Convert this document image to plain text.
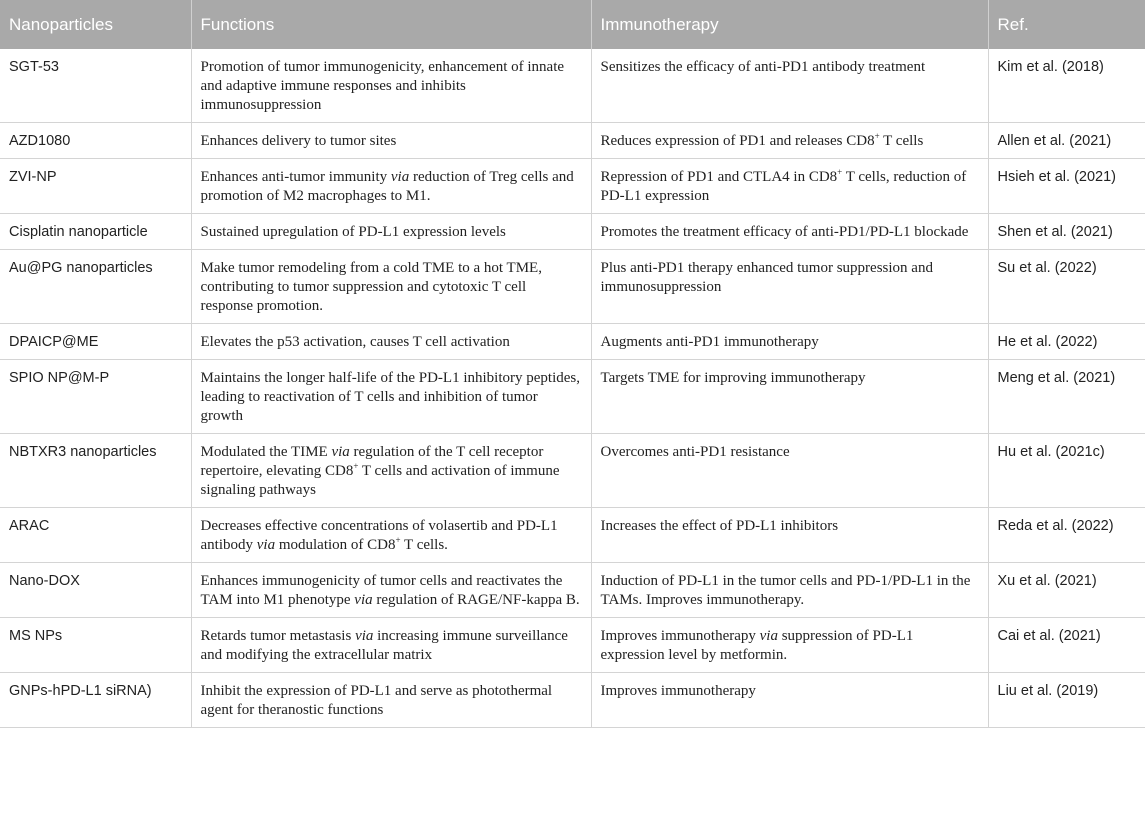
Nanoparticles	Functions	Immunotherapy	Ref.
SGT-53	Promotion of tumor immunogenicity, enhancement of innate and adaptive immune responses and inhibits immunosuppression	Sensitizes the efficacy of anti-PD1 antibody treatment	Kim et al. (2018)
AZD1080	Enhances delivery to tumor sites	Reduces expression of PD1 and releases CD8+ T cells	Allen et al. (2021)
ZVI-NP	Enhances anti-tumor immunity via reduction of Treg cells and promotion of M2 macrophages to M1.	Repression of PD1 and CTLA4 in CD8+ T cells, reduction of PD-L1 expression	Hsieh et al. (2021)
Cisplatin nanoparticle	Sustained upregulation of PD-L1 expression levels	Promotes the treatment efficacy of anti-PD1/PD-L1 blockade	Shen et al. (2021)
Au@PG nanoparticles	Make tumor remodeling from a cold TME to a hot TME, contributing to tumor suppression and cytotoxic T cell response promotion.	Plus anti-PD1 therapy enhanced tumor suppression and immunosuppression	Su et al. (2022)
DPAICP@ME	Elevates the p53 activation, causes T cell activation	Augments anti-PD1 immunotherapy	He et al. (2022)
SPIO NP@M-P	Maintains the longer half-life of the PD-L1 inhibitory peptides, leading to reactivation of T cells and inhibition of tumor growth	Targets TME for improving immunotherapy	Meng et al. (2021)
NBTXR3 nanoparticles	Modulated the TIME via regulation of the T cell receptor repertoire, elevating CD8+ T cells and activation of immune signaling pathways	Overcomes anti-PD1 resistance	Hu et al. (2021c)
ARAC	Decreases effective concentrations of volasertib and PD-L1 antibody via modulation of CD8+ T cells.	Increases the effect of PD-L1 inhibitors	Reda et al. (2022)
Nano-DOX	Enhances immunogenicity of tumor cells and reactivates the TAM into M1 phenotype via regulation of RAGE/NF-kappa B.	Induction of PD-L1 in the tumor cells and PD-1/PD-L1 in the TAMs. Improves immunotherapy.	Xu et al. (2021)
MS NPs	Retards tumor metastasis via increasing immune surveillance and modifying the extracellular matrix	Improves immunotherapy via suppression of PD-L1 expression level by metformin.	Cai et al. (2021)
GNPs-hPD-L1 siRNA)	Inhibit the expression of PD-L1 and serve as photothermal agent for theranostic functions	Improves immunotherapy	Liu et al. (2019)
